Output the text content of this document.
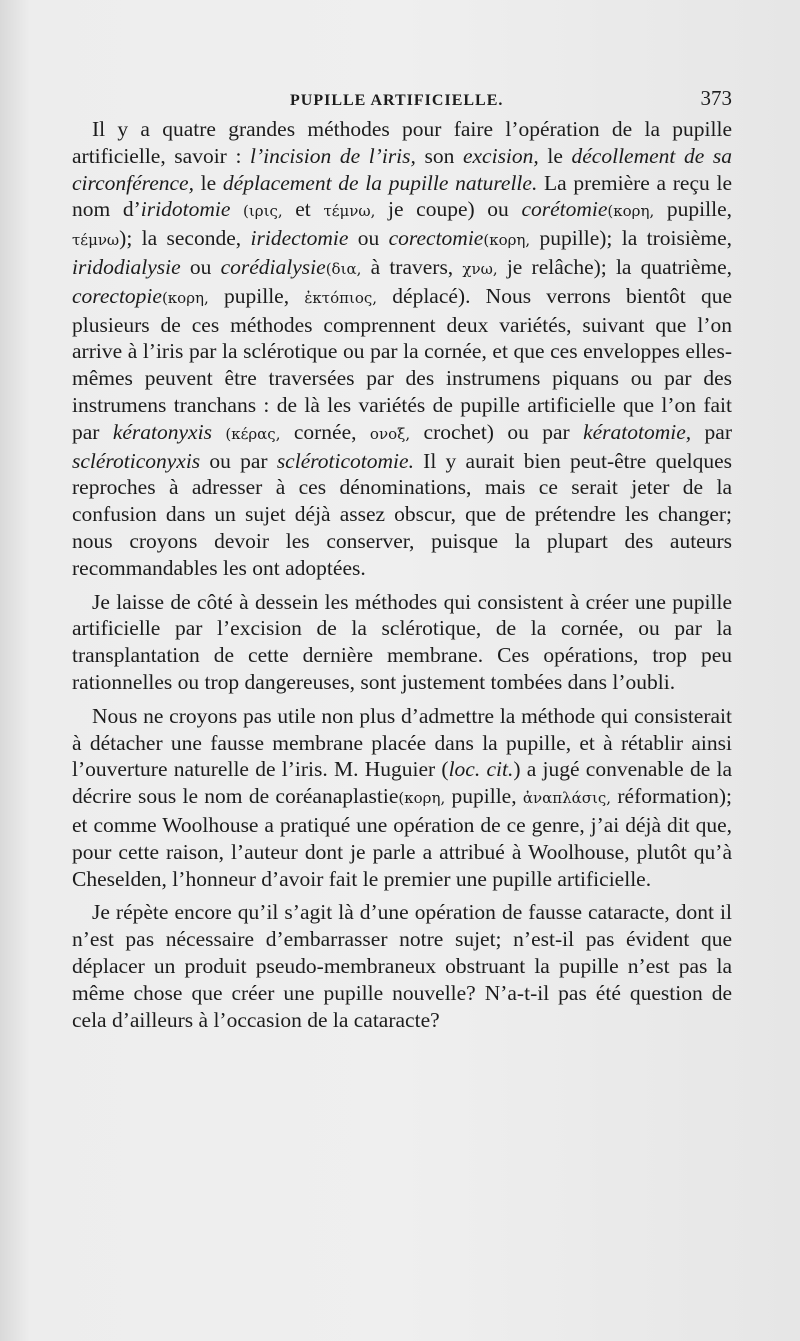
PUPILLE ARTIFICIELLE.	373

Il y a quatre grandes méthodes pour faire l’opération de la pupille artificielle, savoir : l’incision de l’iris, son excision, le décollement de sa circonférence, le déplacement de la pupille naturelle. La première a reçu le nom d’iridotomie (ιρις, et τέμνω, je coupe) ou corétomie(κορη, pupille, τέμνω); la seconde, iridectomie ou corectomie(κορη, pupille); la troisième, iridodialysie ou corédialysie(δια, à travers, χνω, je relâche); la quatrième, corectopie(κορη, pupille, ἐκτόπιος, déplacé). Nous verrons bientôt que plusieurs de ces méthodes comprennent deux variétés, suivant que l’on arrive à l’iris par la sclérotique ou par la cornée, et que ces enveloppes elles-mêmes peuvent être traversées par des instrumens piquans ou par des instrumens tranchans : de là les variétés de pupille artificielle que l’on fait par kératonyxis (κέρας, cornée, ονοξ, crochet) ou par kératotomie, par scléroticonyxis ou par scléroticotomie. Il y aurait bien peut-être quelques reproches à adresser à ces dénominations, mais ce serait jeter de la confusion dans un sujet déjà assez obscur, que de prétendre les changer; nous croyons devoir les conserver, puisque la plupart des auteurs recommandables les ont adoptées.

Je laisse de côté à dessein les méthodes qui consistent à créer une pupille artificielle par l’excision de la sclérotique, de la cornée, ou par la transplantation de cette dernière membrane. Ces opérations, trop peu rationnelles ou trop dangereuses, sont justement tombées dans l’oubli.

Nous ne croyons pas utile non plus d’admettre la méthode qui consisterait à détacher une fausse membrane placée dans la pupille, et à rétablir ainsi l’ouverture naturelle de l’iris. M. Huguier (loc. cit.) a jugé convenable de la décrire sous le nom de coréanaplastie(κορη, pupille, ἀναπλάσις, réformation); et comme Woolhouse a pratiqué une opération de ce genre, j’ai déjà dit que, pour cette raison, l’auteur dont je parle a attribué à Woolhouse, plutôt qu’à Cheselden, l’honneur d’avoir fait le premier une pupille artificielle.

Je répète encore qu’il s’agit là d’une opération de fausse cataracte, dont il n’est pas nécessaire d’embarrasser notre sujet; n’est-il pas évident que déplacer un produit pseudo-membraneux obstruant la pupille n’est pas la même chose que créer une pupille nouvelle? N’a-t-il pas été question de cela d’ailleurs à l’occasion de la cataracte?
